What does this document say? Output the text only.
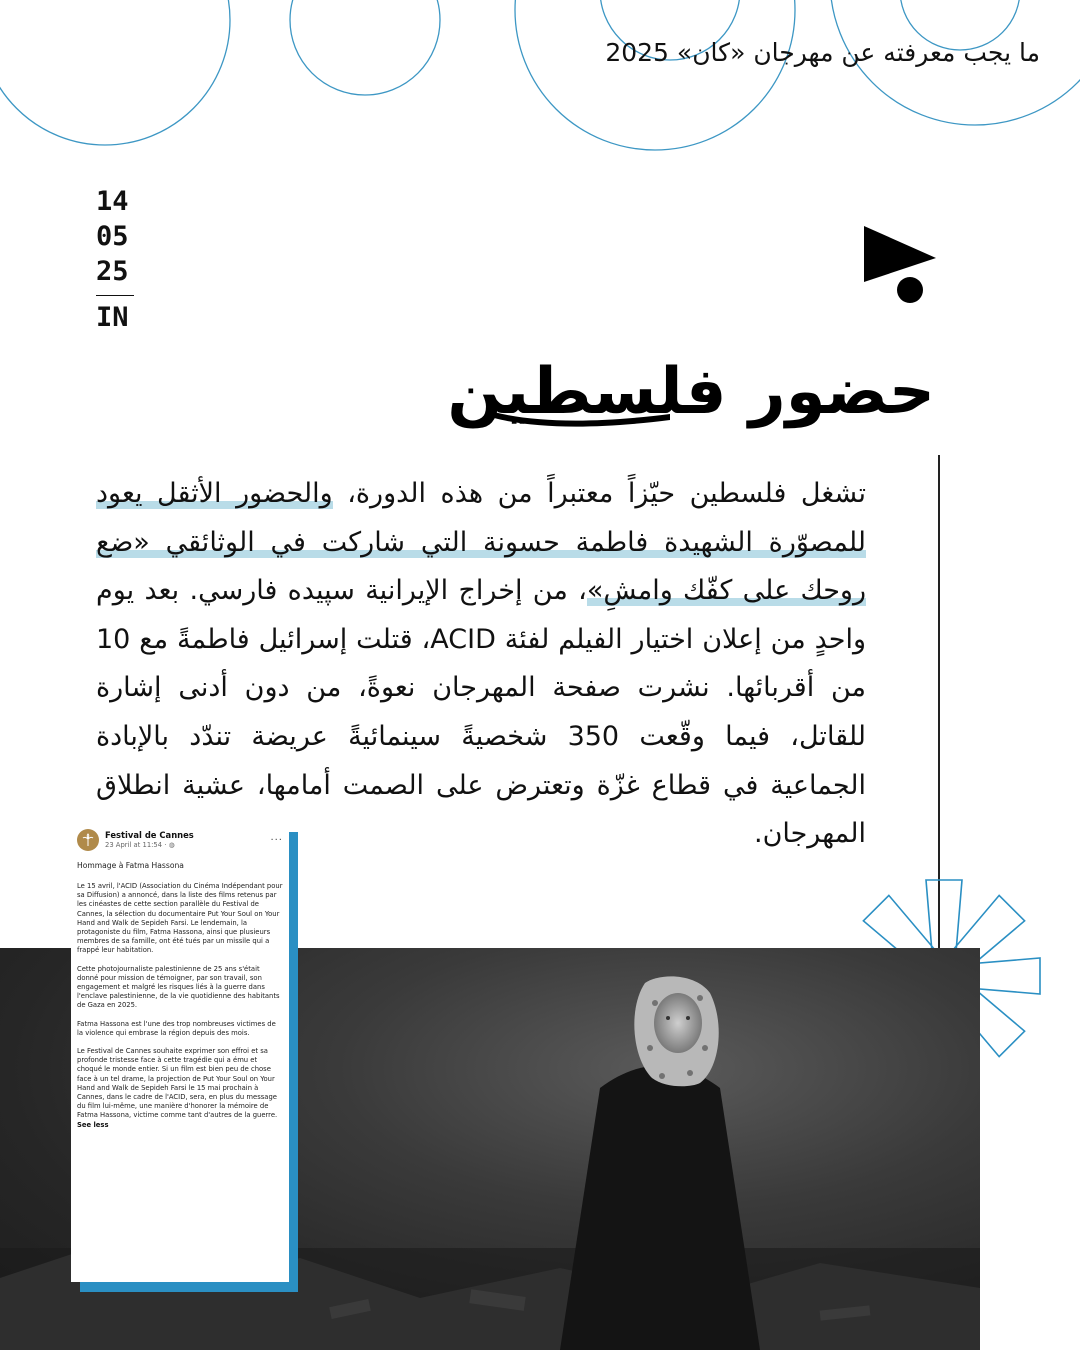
ما يجب معرفته عن مهرجان «كان» 2025
14
05
25
IN
حضور فلسطين
تشغل فلسطين حيّزاً معتبراً من هذه الدورة، والحضور الأثقل يعود للمصوّرة الشهيدة فاطمة حسونة التي شاركت في الوثائقي «ضع روحك على كفّك وامشِ»، من إخراج الإيرانية سپيده فارسي. بعد يوم واحدٍ من إعلان اختيار الفيلم لفئة ACID، قتلت إسرائيل فاطمةً مع 10 من أقربائها. نشرت صفحة المهرجان نعوةً، من دون أدنى إشارة للقاتل، فيما وقّعت 350 شخصيةً سينمائيةً عريضة تندّد بالإبادة الجماعية في قطاع غزّة وتعترض على الصمت أمامها، عشية انطلاق المهرجان.
Festival de Cannes
23 April at 11:54 · ◍
...
Hommage à Fatma Hassona
Le 15 avril, l'ACID (Association du Cinéma Indépendant pour sa Diffusion) a annoncé, dans la liste des films retenus par les cinéastes de cette section parallèle du Festival de Cannes, la sélection du documentaire Put Your Soul on Your Hand and Walk de Sepideh Farsi. Le lendemain, la protagoniste du film, Fatma Hassona, ainsi que plusieurs membres de sa famille, ont été tués par un missile qui a frappé leur habitation.
Cette photojournaliste palestinienne de 25 ans s'était donné pour mission de témoigner, par son travail, son engagement et malgré les risques liés à la guerre dans l'enclave palestinienne, de la vie quotidienne des habitants de Gaza en 2025.
Fatma Hassona est l'une des trop nombreuses victimes de la violence qui embrase la région depuis des mois.
Le Festival de Cannes souhaite exprimer son effroi et sa profonde tristesse face à cette tragédie qui a ému et choqué le monde entier. Si un film est bien peu de chose face à un tel drame, la projection de Put Your Soul on Your Hand and Walk de Sepideh Farsi le 15 mai prochain à Cannes, dans le cadre de l'ACID, sera, en plus du message du film lui-même, une manière d'honorer la mémoire de Fatma Hassona, victime comme tant d'autres de la guerre. See less
